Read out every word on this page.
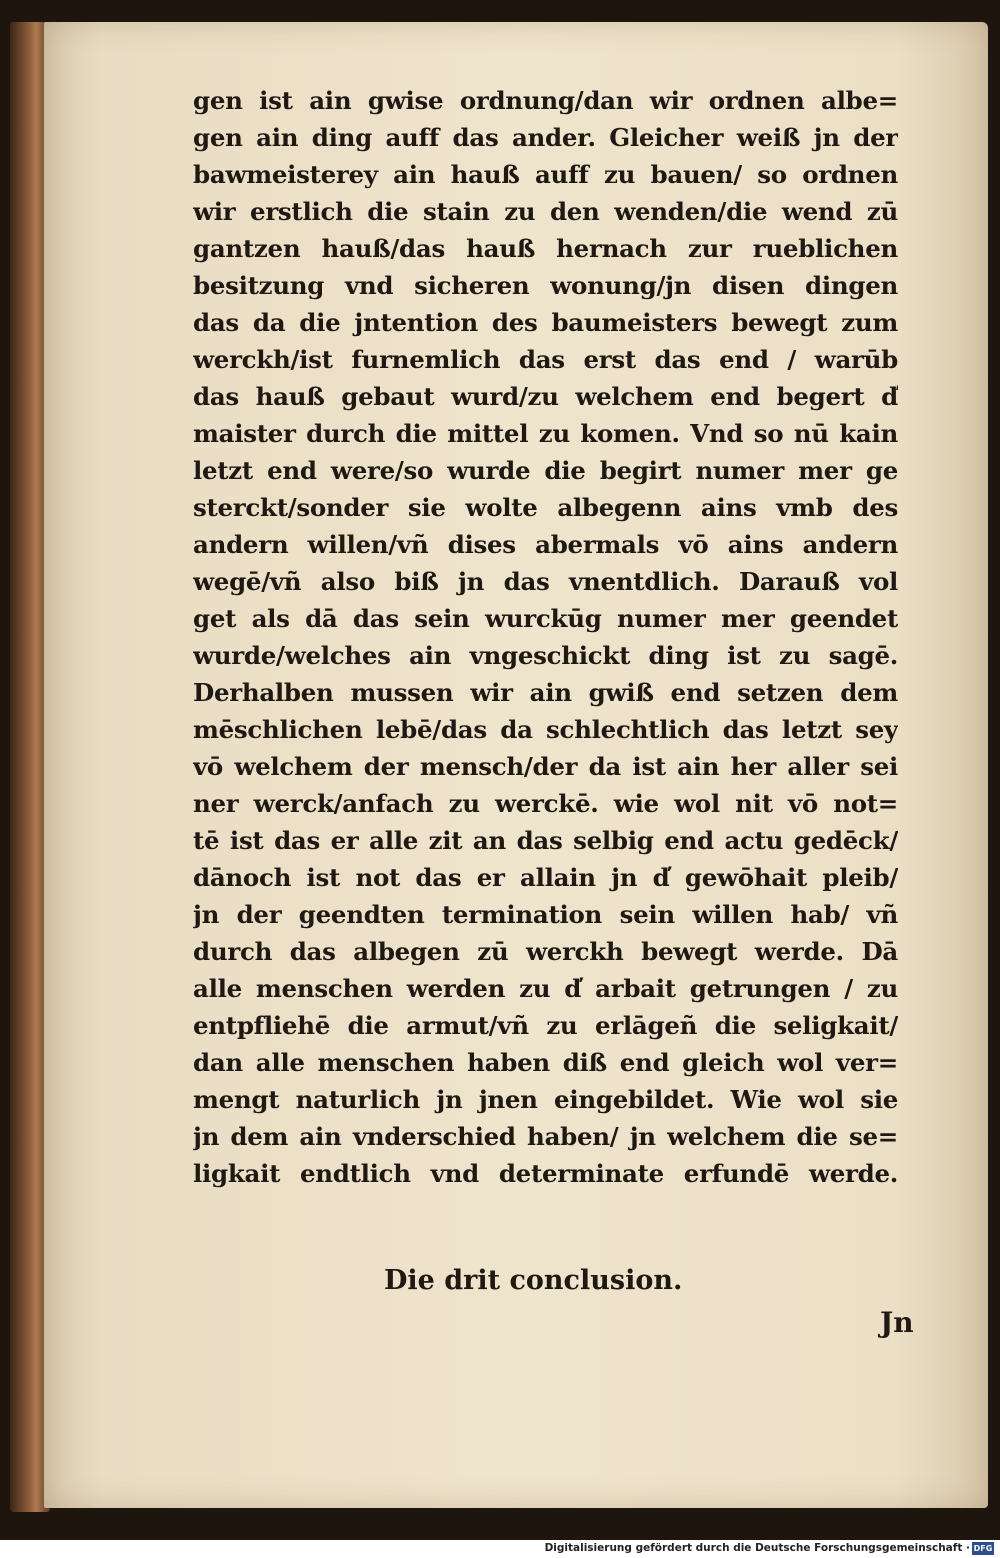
gen ist ain gwise ordnung/dan wir ordnen albe=
gen ain ding auff das ander. Gleicher weiß jn der
bawmeisterey ain hauß auff zu bauen/ so ordnen
wir erstlich die stain zu den wenden/die wend zū
gantzen hauß/das hauß hernach zur rueblichen
besitzung vnd sicheren wonung/jn disen dingen
das da die jntention des baumeisters bewegt zum
werckh/ist furnemlich das erst das end / warūb
das hauß gebaut wurd/zu welchem end begert d̕
maister durch die mittel zu komen. Vnd so nū kain
letzt end were/so wurde die begirt numer mer ge
sterckt/sonder sie wolte albegenn ains vmb des
andern willen/vñ dises abermals vō ains andern
wegē/vñ also biß jn das vnentdlich. Darauß vol
get als dā das sein wurckūg numer mer geendet
wurde/welches ain vngeschickt ding ist zu sagē.
Derhalben mussen wir ain gwiß end setzen dem
mēschlichen lebē/das da schlechtlich das letzt sey
vō welchem der mensch/der da ist ain her aller sei
ner werck/anfach zu werckē. wie wol nit vō not=
tē ist das er alle zit an das selbig end actu gedēck/
dānoch ist not das er allain jn d̕ gewōhait pleib/
jn der geendten termination sein willen hab/ vñ
durch das albegen zū werckh bewegt werde. Dā
alle menschen werden zu d̕ arbait getrungen / zu
entpfliehē die armut/vñ zu erlāgeñ die seligkait/
dan alle menschen haben diß end gleich wol ver=
mengt naturlich jn jnen eingebildet. Wie wol sie
jn dem ain vnderschied haben/ jn welchem die se=
ligkait endtlich vnd determinate erfundē werde.
Die drit conclusion.
Jn
Digitalisierung gefördert durch die Deutsche Forschungsgemeinschaft · DFG
